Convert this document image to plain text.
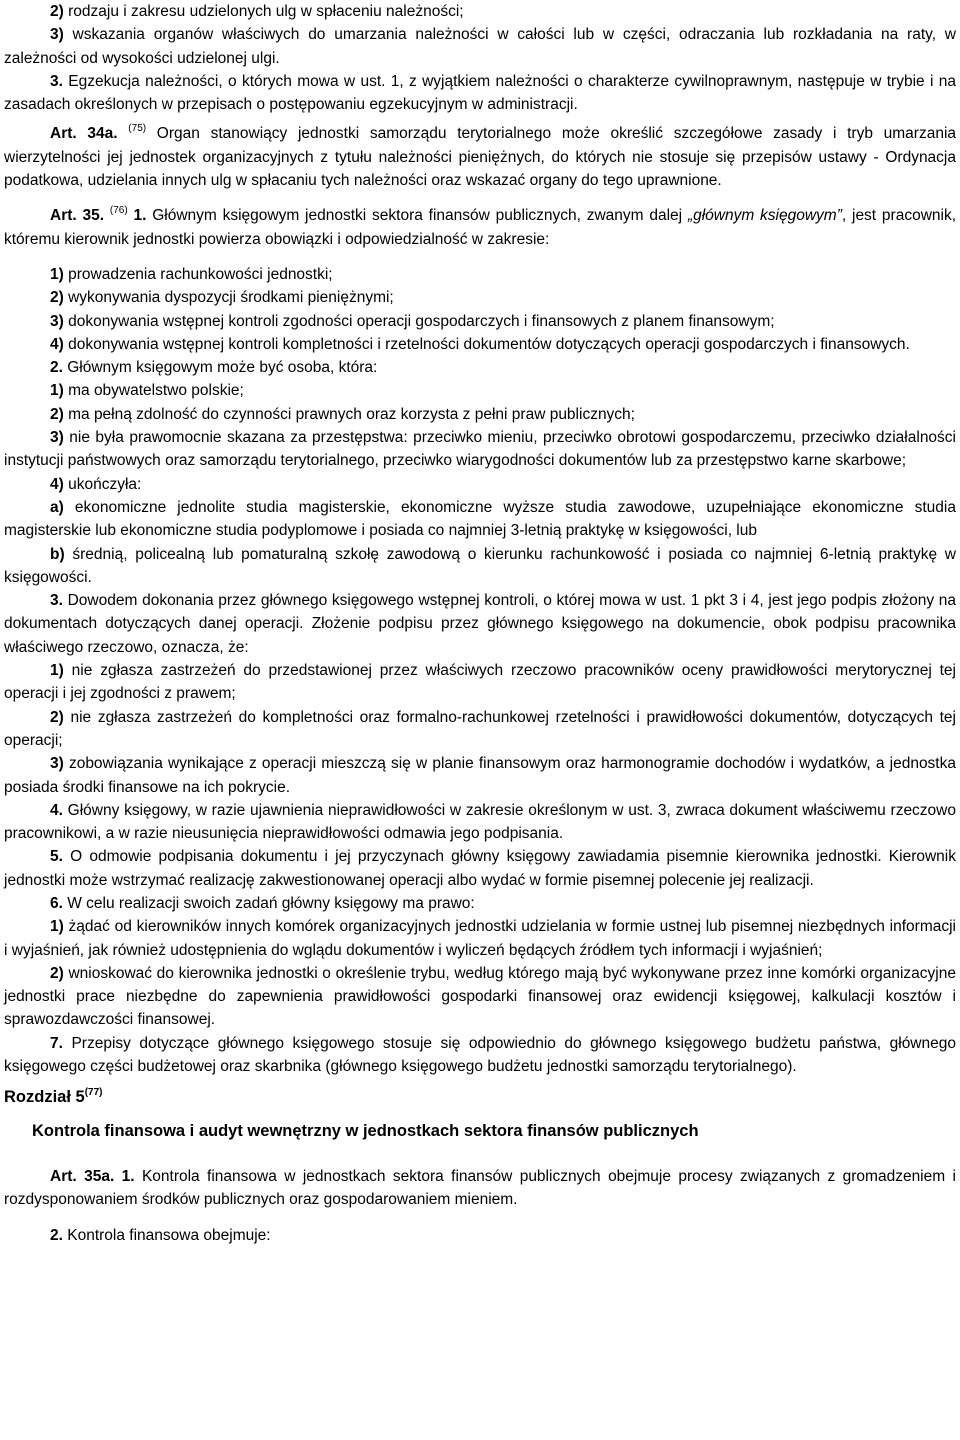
2) rodzaju i zakresu udzielonych ulg w spłaceniu należności;

3) wskazania organów właściwych do umarzania należności w całości lub w części, odraczania lub rozkładania na raty, w zależności od wysokości udzielonej ulgi.

3. Egzekucja należności, o których mowa w ust. 1, z wyjątkiem należności o charakterze cywilnoprawnym, następuje w trybie i na zasadach określonych w przepisach o postępowaniu egzekucyjnym w administracji.

Art. 34a. $^{(75)}$ Organ stanowiący jednostki samorządu terytorialnego może określić szczegółowe zasady i tryb umarzania wierzytelności jej jednostek organizacyjnych z tytułu należności pieniężnych, do których nie stosuje się przepisów ustawy - Ordynacja podatkowa, udzielania innych ulg w spłacaniu tych należności oraz wskazać organy do tego uprawnione.

Art. 35. $^{(76)}$ 1. Głównym księgowym jednostki sektora finansów publicznych, zwanym dalej „głównym księgowym”, jest pracownik, któremu kierownik jednostki powierza obowiązki i odpowiedzialność w zakresie:

1) prowadzenia rachunkowości jednostki;

2) wykonywania dyspozycji środkami pieniężnymi;

3) dokonywania wstępnej kontroli zgodności operacji gospodarczych i finansowych z planem finansowym;

4) dokonywania wstępnej kontroli kompletności i rzetelności dokumentów dotyczących operacji gospodarczych i finansowych.

2. Głównym księgowym może być osoba, która:

1) ma obywatelstwo polskie;

2) ma pełną zdolność do czynności prawnych oraz korzysta z pełni praw publicznych;

3) nie była prawomocnie skazana za przestępstwa: przeciwko mieniu, przeciwko obrotowi gospodarczemu, przeciwko działalności instytucji państwowych oraz samorządu terytorialnego, przeciwko wiarygodności dokumentów lub za przestępstwo karne skarbowe;

4) ukończyła:

a) ekonomiczne jednolite studia magisterskie, ekonomiczne wyższe studia zawodowe, uzupełniające ekonomiczne studia magisterskie lub ekonomiczne studia podyplomowe i posiada co najmniej 3-letnią praktykę w księgowości, lub

b) średnią, policealną lub pomaturalną szkołę zawodową o kierunku rachunkowość i posiada co najmniej 6-letnią praktykę w księgowości.

3. Dowodem dokonania przez głównego księgowego wstępnej kontroli, o której mowa w ust. 1 pkt 3 i 4, jest jego podpis złożony na dokumentach dotyczących danej operacji. Złożenie podpisu przez głównego księgowego na dokumencie, obok podpisu pracownika właściwego rzeczowo, oznacza, że:

1) nie zgłasza zastrzeżeń do przedstawionej przez właściwych rzeczowo pracowników oceny prawidłowości merytorycznej tej operacji i jej zgodności z prawem;

2) nie zgłasza zastrzeżeń do kompletności oraz formalno-rachunkowej rzetelności i prawidłowości dokumentów, dotyczących tej operacji;

3) zobowiązania wynikające z operacji mieszczą się w planie finansowym oraz harmonogramie dochodów i wydatków, a jednostka posiada środki finansowe na ich pokrycie.

4. Główny księgowy, w razie ujawnienia nieprawidłowości w zakresie określonym w ust. 3, zwraca dokument właściwemu rzeczowo pracownikowi, a w razie nieusunięcia nieprawidłowości odmawia jego podpisania.

5. O odmowie podpisania dokumentu i jej przyczynach główny księgowy zawiadamia pisemnie kierownika jednostki. Kierownik jednostki może wstrzymać realizację zakwestionowanej operacji albo wydać w formie pisemnej polecenie jej realizacji.

6. W celu realizacji swoich zadań główny księgowy ma prawo:

1) żądać od kierowników innych komórek organizacyjnych jednostki udzielania w formie ustnej lub pisemnej niezbędnych informacji i wyjaśnień, jak również udostępnienia do wglądu dokumentów i wyliczeń będących źródłem tych informacji i wyjaśnień;

2) wnioskować do kierownika jednostki o określenie trybu, według którego mają być wykonywane przez inne komórki organizacyjne jednostki prace niezbędne do zapewnienia prawidłowości gospodarki finansowej oraz ewidencji księgowej, kalkulacji kosztów i sprawozdawczości finansowej.

7. Przepisy dotyczące głównego księgowego stosuje się odpowiednio do głównego księgowego budżetu państwa, głównego księgowego części budżetowej oraz skarbnika (głównego księgowego budżetu jednostki samorządu terytorialnego).

Rozdział 5$^{(77)}$

Kontrola finansowa i audyt wewnętrzny w jednostkach sektora finansów publicznych

Art. 35a. 1. Kontrola finansowa w jednostkach sektora finansów publicznych obejmuje procesy związanych z gromadzeniem i rozdysponowaniem środków publicznych oraz gospodarowaniem mieniem.

2. Kontrola finansowa obejmuje:
